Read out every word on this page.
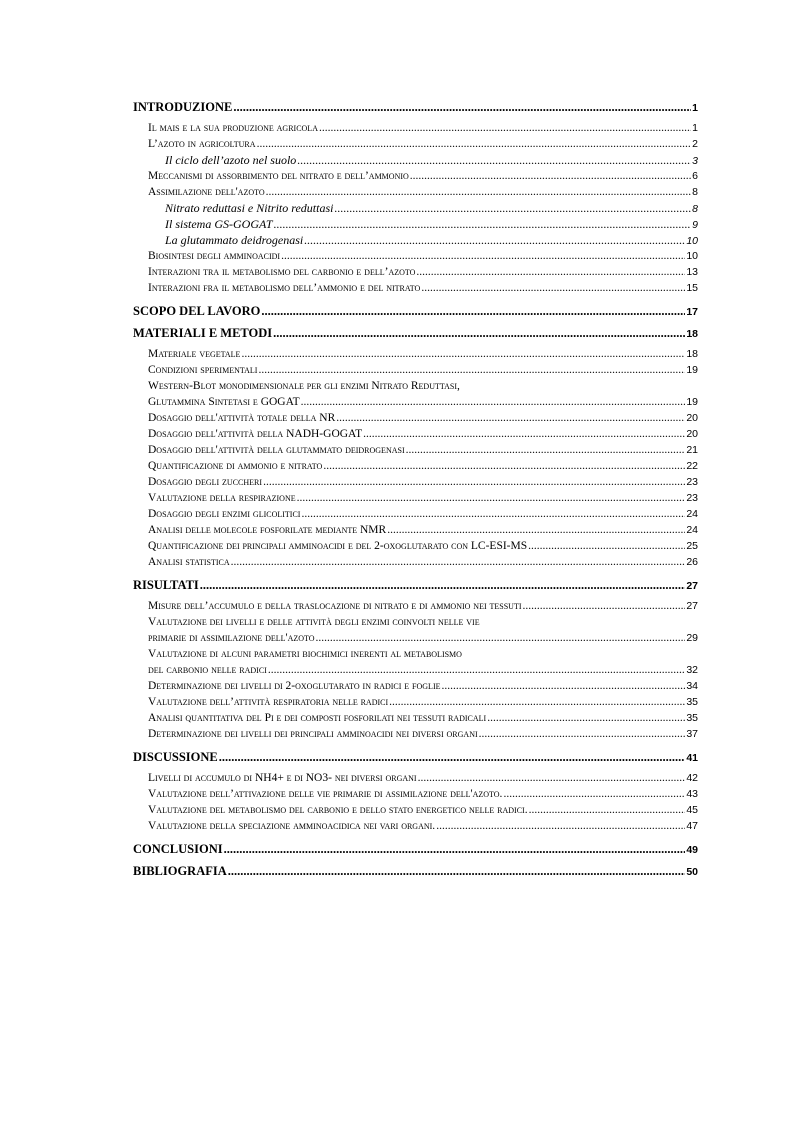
INTRODUZIONE .....	1
Il mais e la sua produzione agricola .....	1
L’azoto in agricoltura .....	2
Il ciclo dell’azoto nel suolo .....	3
Meccanismi di assorbimento del nitrato e dell’ammonio .....	6
Assimilazione dell'azoto .....	8
Nitrato reduttasi e Nitrito reduttasi .....	8
Il sistema GS-GOGAT .....	9
La glutammato deidrogenasi .....	10
Biosintesi degli amminoacidi .....	10
Interazioni tra il metabolismo del carbonio e dell’azoto .....	13
Interazioni fra il metabolismo dell’ammonio e del nitrato .....	15
SCOPO DEL LAVORO .....	17
MATERIALI E METODI .....	18
Materiale vegetale .....	18
Condizioni sperimentali .....	19
Western-Blot monodimensionale per gli enzimi Nitrato Reduttasi,
Glutammina Sintetasi e GOGAT .....	19
Dosaggio dell'attività totale della NR .....	20
Dosaggio dell'attività della NADH-GOGAT .....	20
Dosaggio dell'attività della glutammato deidrogenasi .....	21
Quantificazione di ammonio e nitrato .....	22
Dosaggio degli zuccheri .....	23
Valutazione della respirazione .....	23
Dosaggio degli enzimi glicolitici .....	24
Analisi delle molecole fosforilate mediante NMR .....	24
Quantificazione dei principali amminoacidi e del 2-oxoglutarato con LC-ESI-MS .....	25
Analisi statistica .....	26
RISULTATI .....	27
Misure dell’accumulo e della traslocazione di nitrato e di ammonio nei tessuti .....	27
Valutazione dei livelli e delle attività degli enzimi coinvolti nelle vie
primarie di assimilazione dell'azoto .....	29
Valutazione di alcuni parametri biochimici inerenti al metabolismo
del carbonio nelle radici .....	32
Determinazione dei livelli di 2-oxoglutarato in radici e foglie .....	34
Valutazione dell’attività respiratoria nelle radici .....	35
Analisi quantitativa del Pi e dei composti fosforilati nei tessuti radicali .....	35
Determinazione dei livelli dei principali amminoacidi nei diversi organi .....	37
DISCUSSIONE .....	41
Livelli di accumulo di NH4+ e di NO3- nei diversi organi .....	42
Valutazione dell’attivazione delle vie primarie di assimilazione dell'azoto. .....	43
Valutazione del metabolismo del carbonio e dello stato energetico nelle radici. .....	45
Valutazione della speciazione amminoacidica nei vari organi. .....	47
CONCLUSIONI .....	49
BIBLIOGRAFIA .....	50
